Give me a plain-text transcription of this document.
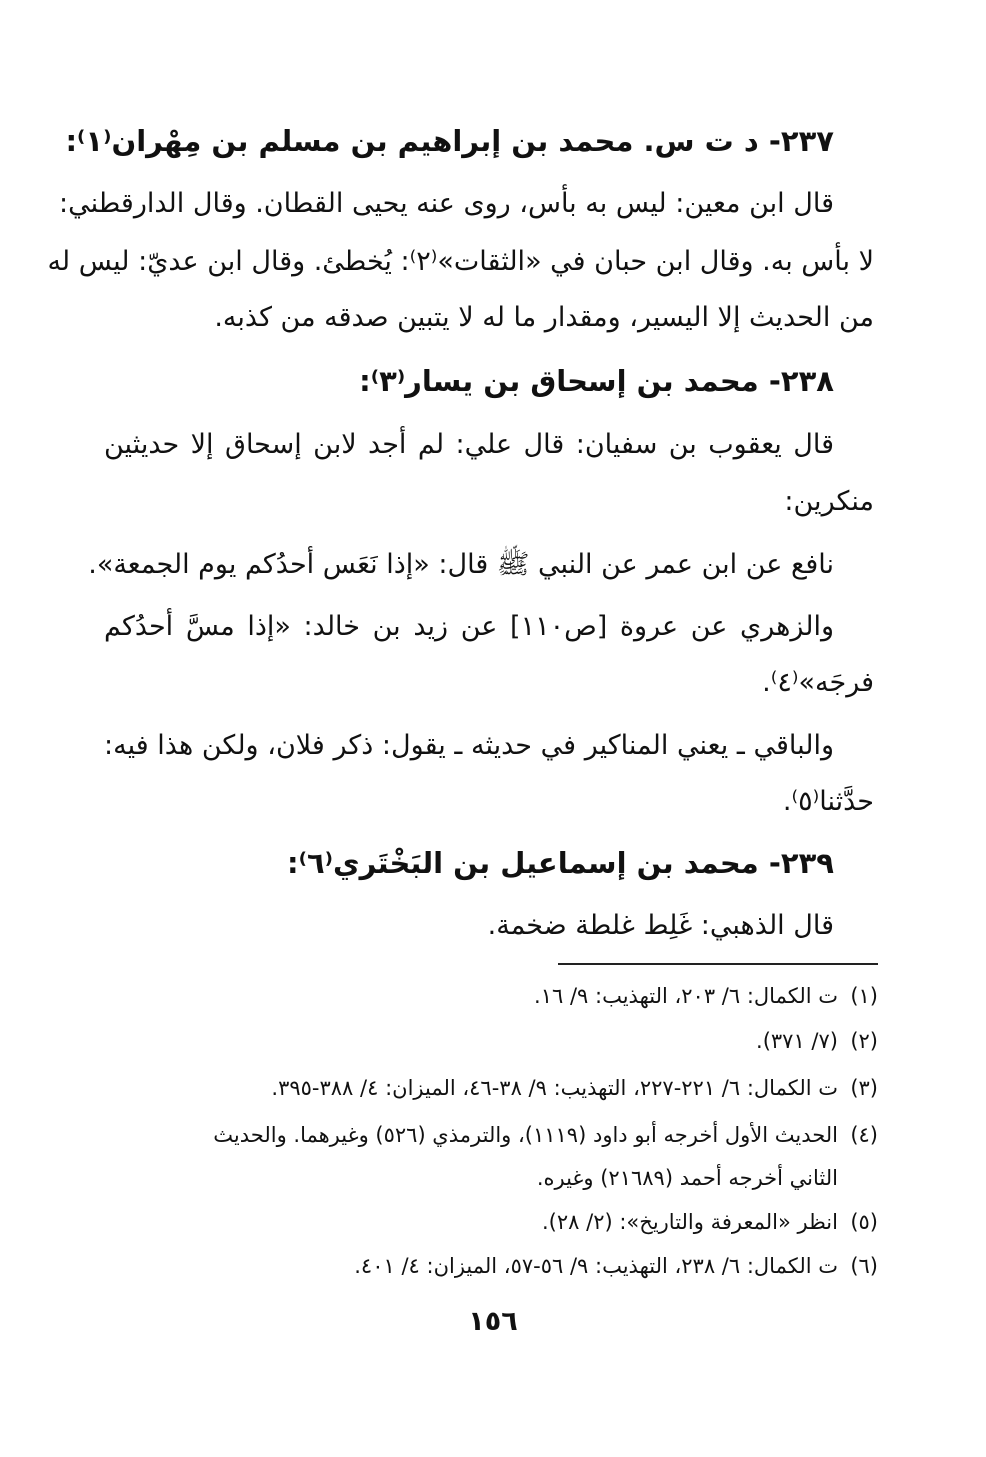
٢٣٧- د ت س. محمد بن إبراهيم بن مسلم بن مِهْران⁽١⁾:
قال ابن معين: ليس به بأس، روى عنه يحيى القطان. وقال الدارقطني:
لا بأس به. وقال ابن حبان في «الثقات»⁽٢⁾: يُخطئ. وقال ابن عديّ: ليس له
من الحديث إلا اليسير، ومقدار ما له لا يتبين صدقه من كذبه.
٢٣٨- محمد بن إسحاق بن يسار⁽٣⁾:
قال يعقوب بن سفيان: قال علي: لم أجد لابن إسحاق إلا حديثين
منكرين:
نافع عن ابن عمر عن النبي ﷺ قال: «إذا نَعَس أحدُكم يوم الجمعة».
والزهري عن عروة [ص١١٠] عن زيد بن خالد: «إذا مسَّ أحدُكم
فرجَه»⁽٤⁾.
والباقي ـ يعني المناكير في حديثه ـ يقول: ذكر فلان، ولكن هذا فيه:
حدَّثنا⁽٥⁾.
٢٣٩- محمد بن إسماعيل بن البَخْتَري⁽٦⁾:
قال الذهبي: غَلِط غلطة ضخمة.
(١)ت الكمال: ٦/ ٢٠٣، التهذيب: ٩/ ١٦.
(٢)(٧/ ٣٧١).
(٣)ت الكمال: ٦/ ٢٢١-٢٢٧، التهذيب: ٩/ ٣٨-٤٦، الميزان: ٤/ ٣٨٨-٣٩٥.
(٤)الحديث الأول أخرجه أبو داود (١١١٩)، والترمذي (٥٢٦) وغيرهما. والحديث
الثاني أخرجه أحمد (٢١٦٨٩) وغيره.
(٥)انظر «المعرفة والتاريخ»: (٢/ ٢٨).
(٦)ت الكمال: ٦/ ٢٣٨، التهذيب: ٩/ ٥٦-٥٧، الميزان: ٤/ ٤٠١.
١٥٦
